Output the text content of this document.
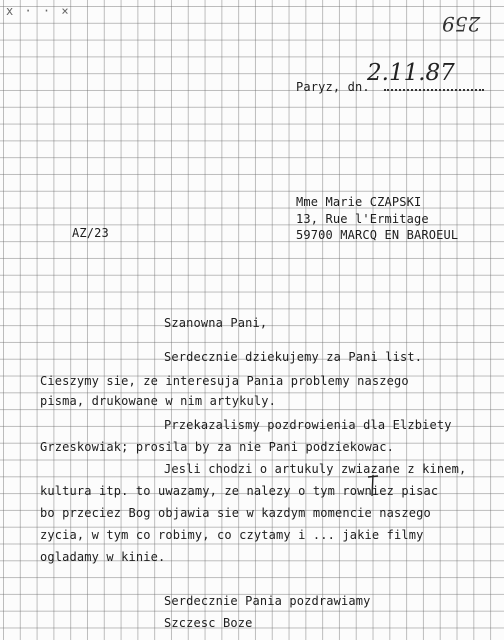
x · · ×
259
Paryz, dn.
2.11.87
Mme Marie CZAPSKI
13, Rue l'Ermitage
59700 MARCQ EN BAROEUL
AZ/23
Szanowna Pani,
Serdecznie dziekujemy za Pani list.
Cieszymy sie, ze interesuja Pania problemy naszego
pisma, drukowane w nim artykuly.
Przekazalismy pozdrowienia dla Elzbiety
Grzeskowiak; prosila by za nie Pani podziekowac.
Jesli chodzi o artukuly zwiazane z kinem,
kultura itp. to uwazamy, ze nalezy o tym rowniez pisac
bo przeciez Bog objawia sie w kazdym momencie naszego
zycia, w tym co robimy, co czytamy i ... jakie filmy
ogladamy w kinie.
Serdecznie Pania pozdrawiamy
Szczesc Boze
